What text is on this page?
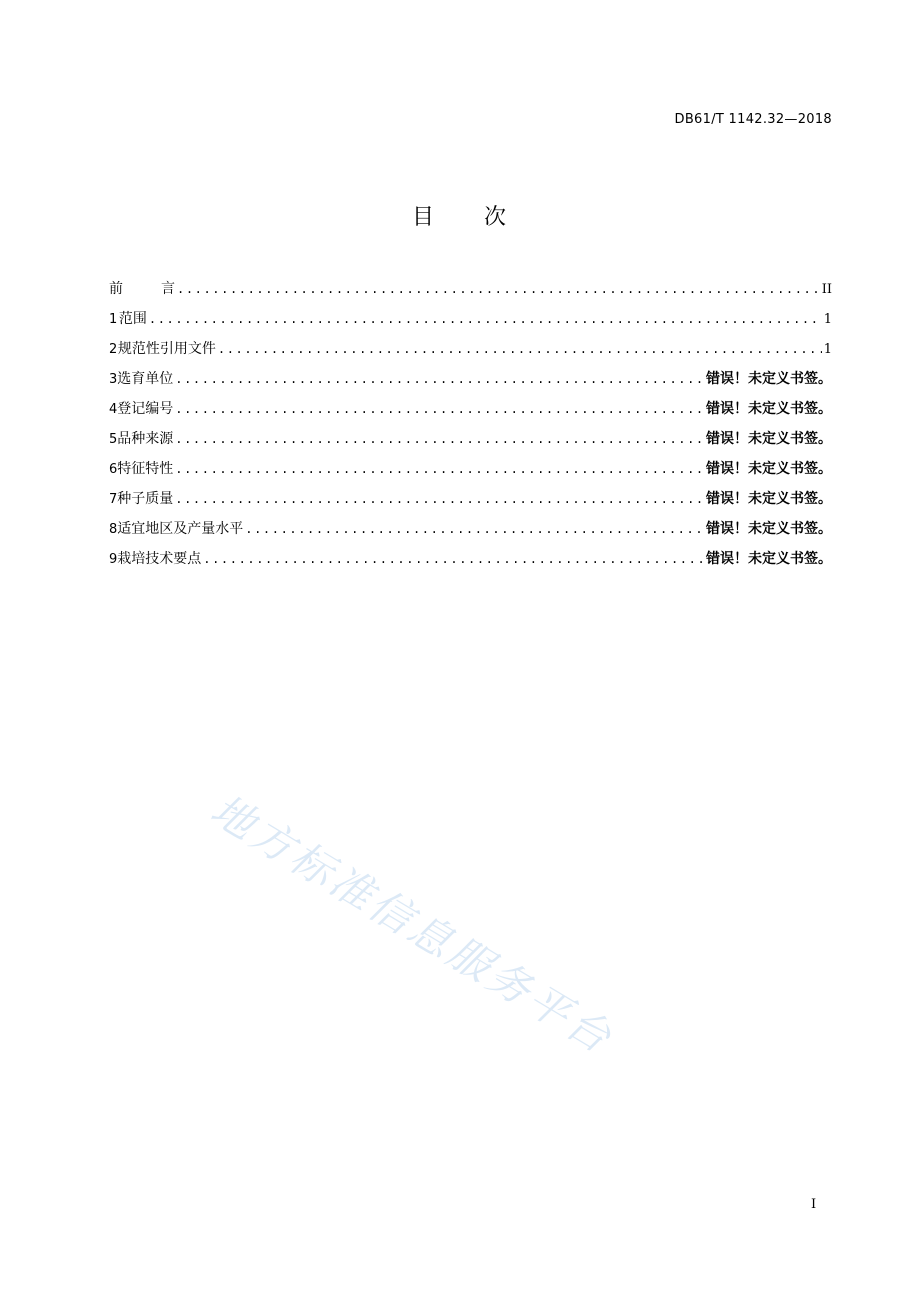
DB61/T 1142.32—2018
目 次
前	言 .....	II
1 范围 .....	1
2 规范性引用文件 .....	1
3 选育单位 .....	错误！未定义书签。
4 登记编号 .....	错误！未定义书签。
5 品种来源 .....	错误！未定义书签。
6 特征特性 .....	错误！未定义书签。
7 种子质量 .....	错误！未定义书签。
8 适宜地区及产量水平 .....	错误！未定义书签。
9 栽培技术要点 .....	错误！未定义书签。
地方标准信息服务平台
I
